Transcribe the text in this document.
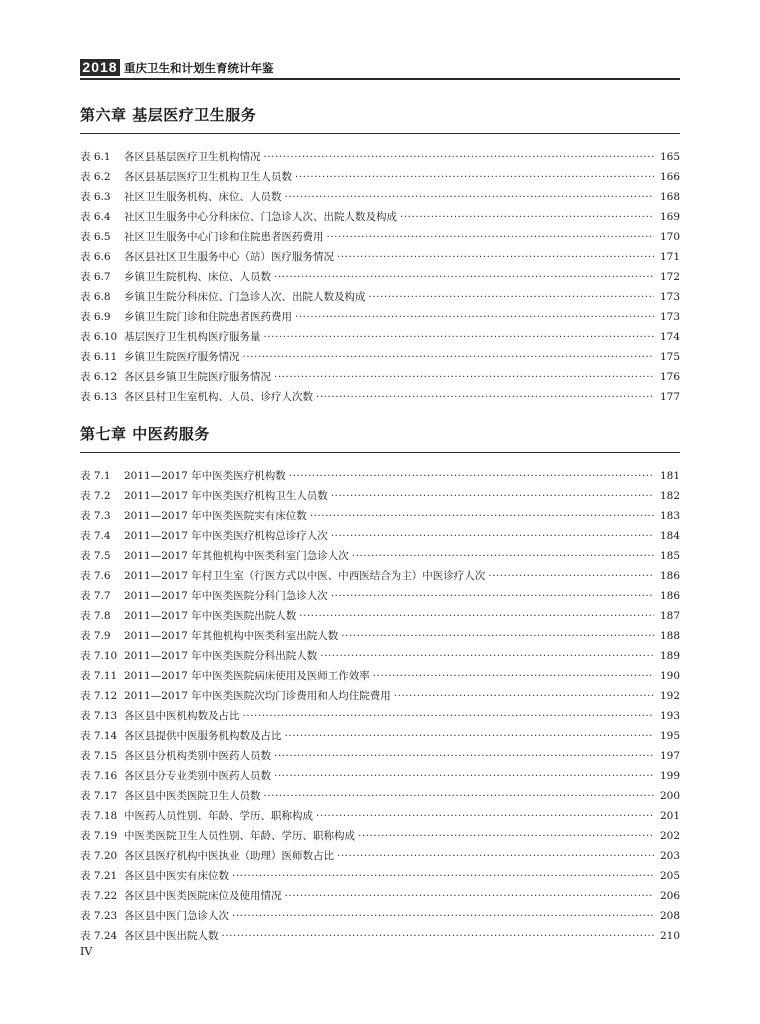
2018 重庆卫生和计划生育统计年鉴
第六章 基层医疗卫生服务
表 6.1	各区县基层医疗卫生机构情况 ·····	165
表 6.2	各区县基层医疗卫生机构卫生人员数 ·····	166
表 6.3	社区卫生服务机构、床位、人员数 ·····	168
表 6.4	社区卫生服务中心分科床位、门急诊人次、出院人数及构成 ·····	169
表 6.5	社区卫生服务中心门诊和住院患者医药费用 ·····	170
表 6.6	各区县社区卫生服务中心（站）医疗服务情况 ·····	171
表 6.7	乡镇卫生院机构、床位、人员数 ·····	172
表 6.8	乡镇卫生院分科床位、门急诊人次、出院人数及构成 ·····	173
表 6.9	乡镇卫生院门诊和住院患者医药费用 ·····	173
表 6.10 基层医疗卫生机构医疗服务量 ·····	174
表 6.11 乡镇卫生院医疗服务情况 ·····	175
表 6.12 各区县乡镇卫生院医疗服务情况 ·····	176
表 6.13 各区县村卫生室机构、人员、诊疗人次数 ·····	177
第七章 中医药服务
表 7.1	2011—2017 年中医类医疗机构数 ·····	181
表 7.2	2011—2017 年中医类医疗机构卫生人员数 ·····	182
表 7.3	2011—2017 年中医类医院实有床位数 ·····	183
表 7.4	2011—2017 年中医类医疗机构总诊疗人次 ·····	184
表 7.5	2011—2017 年其他机构中医类科室门急诊人次 ·····	185
表 7.6	2011—2017 年村卫生室（行医方式以中医、中西医结合为主）中医诊疗人次 ·····	186
表 7.7	2011—2017 年中医类医院分科门急诊人次 ·····	186
表 7.8	2011—2017 年中医类医院出院人数 ·····	187
表 7.9	2011—2017 年其他机构中医类科室出院人数 ·····	188
表 7.10 2011—2017 年中医类医院分科出院人数 ·····	189
表 7.11 2011—2017 年中医类医院病床使用及医师工作效率 ·····	190
表 7.12 2011—2017 年中医类医院次均门诊费用和人均住院费用 ·····	192
表 7.13 各区县中医机构数及占比 ·····	193
表 7.14 各区县提供中医服务机构数及占比 ·····	195
表 7.15 各区县分机构类别中医药人员数 ·····	197
表 7.16 各区县分专业类别中医药人员数 ·····	199
表 7.17 各区县中医类医院卫生人员数 ·····	200
表 7.18 中医药人员性别、年龄、学历、职称构成 ·····	201
表 7.19 中医类医院卫生人员性别、年龄、学历、职称构成 ·····	202
表 7.20 各区县医疗机构中医执业（助理）医师数占比 ·····	203
表 7.21 各区县中医实有床位数 ·····	205
表 7.22 各区县中医类医院床位及使用情况 ·····	206
表 7.23 各区县中医门急诊人次 ·····	208
表 7.24 各区县中医出院人数 ·····	210
IV
